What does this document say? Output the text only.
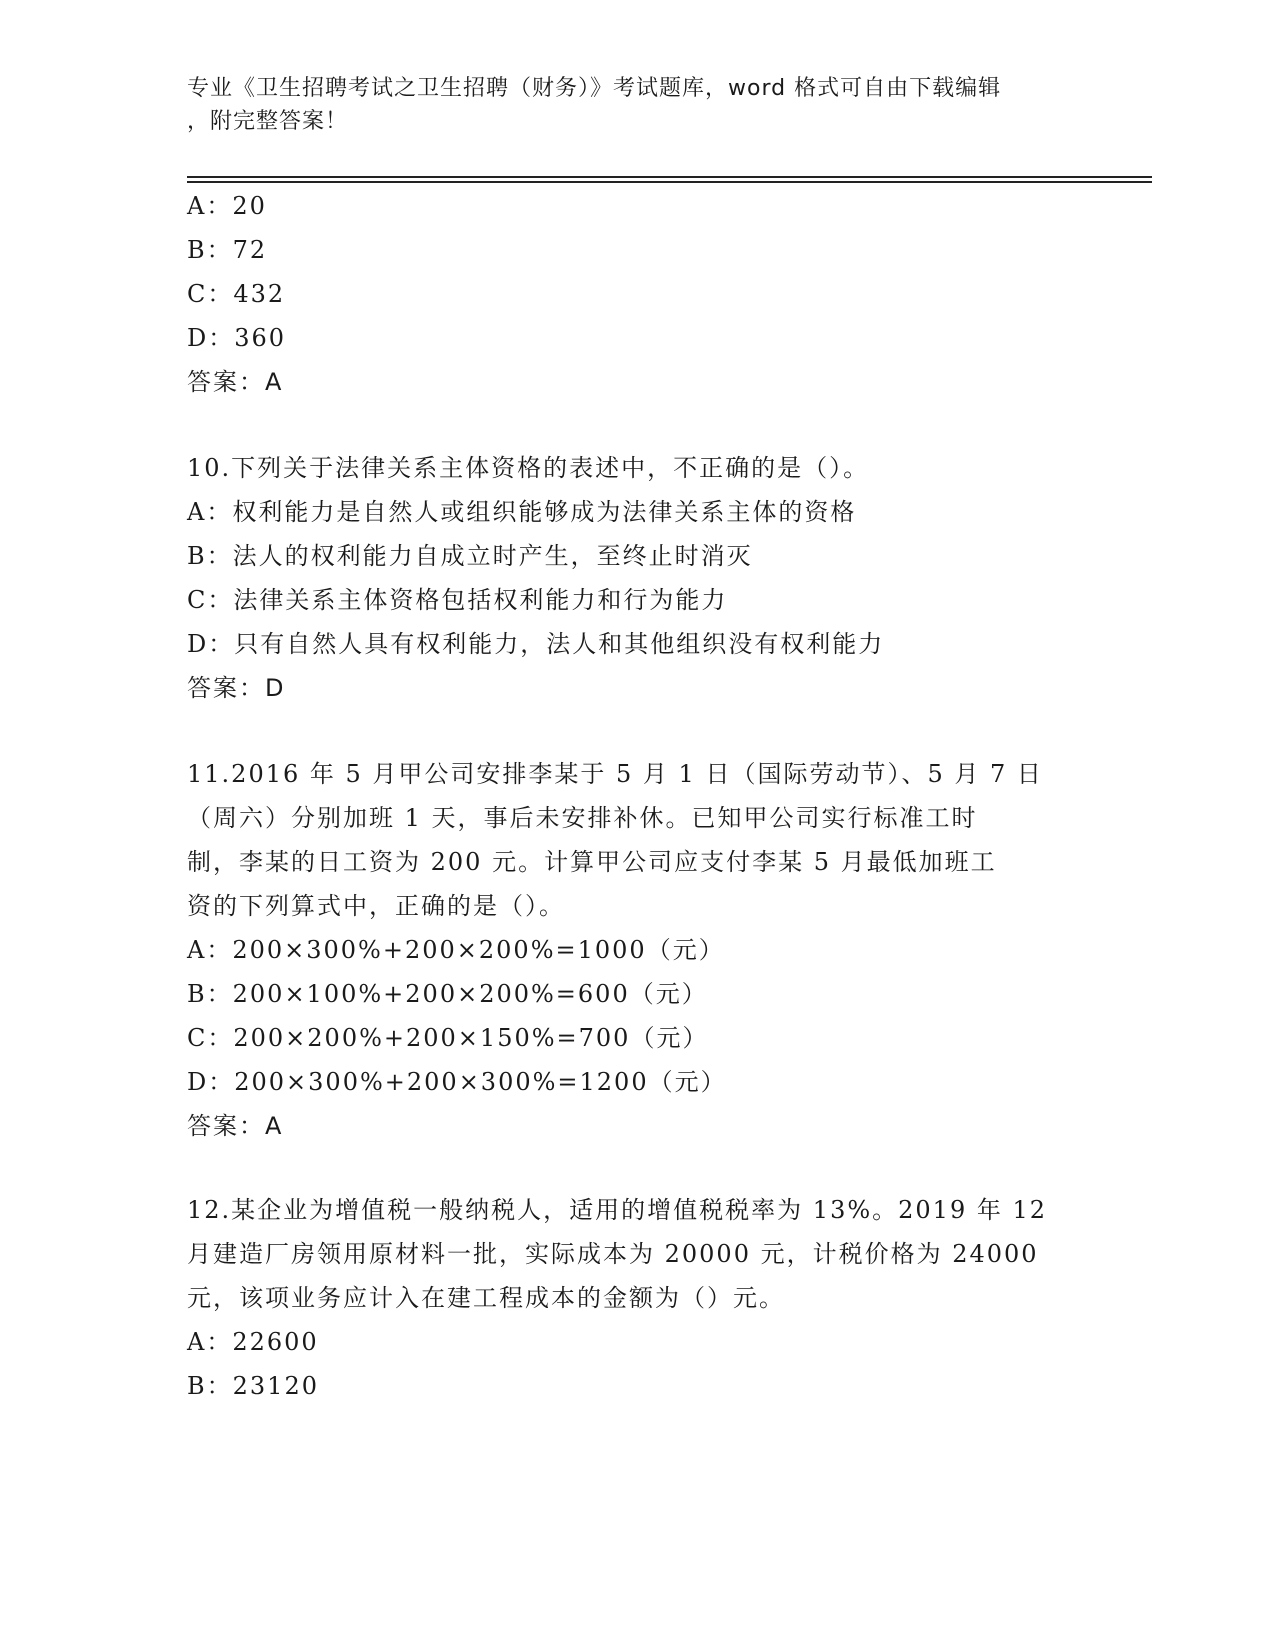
专业《卫生招聘考试之卫生招聘（财务）》考试题库，word 格式可自由下载编辑
，附完整答案！
A：20
B：72
C：432
D：360
答案：A
10.下列关于法律关系主体资格的表述中，不正确的是（）。
A：权利能力是自然人或组织能够成为法律关系主体的资格
B：法人的权利能力自成立时产生，至终止时消灭
C：法律关系主体资格包括权利能力和行为能力
D：只有自然人具有权利能力，法人和其他组织没有权利能力
答案：D
11.2016 年 5 月甲公司安排李某于 5 月 1 日（国际劳动节）、5 月 7 日
（周六）分别加班 1 天，事后未安排补休。已知甲公司实行标准工时
制，李某的日工资为 200 元。计算甲公司应支付李某 5 月最低加班工
资的下列算式中，正确的是（）。
A：200×300%+200×200%=1000（元）
B：200×100%+200×200%=600（元）
C：200×200%+200×150%=700（元）
D：200×300%+200×300%=1200（元）
答案：A
12.某企业为增值税一般纳税人，适用的增值税税率为 13%。2019 年 12
月建造厂房领用原材料一批，实际成本为 20000 元，计税价格为 24000
元，该项业务应计入在建工程成本的金额为（）元。
A：22600
B：23120
